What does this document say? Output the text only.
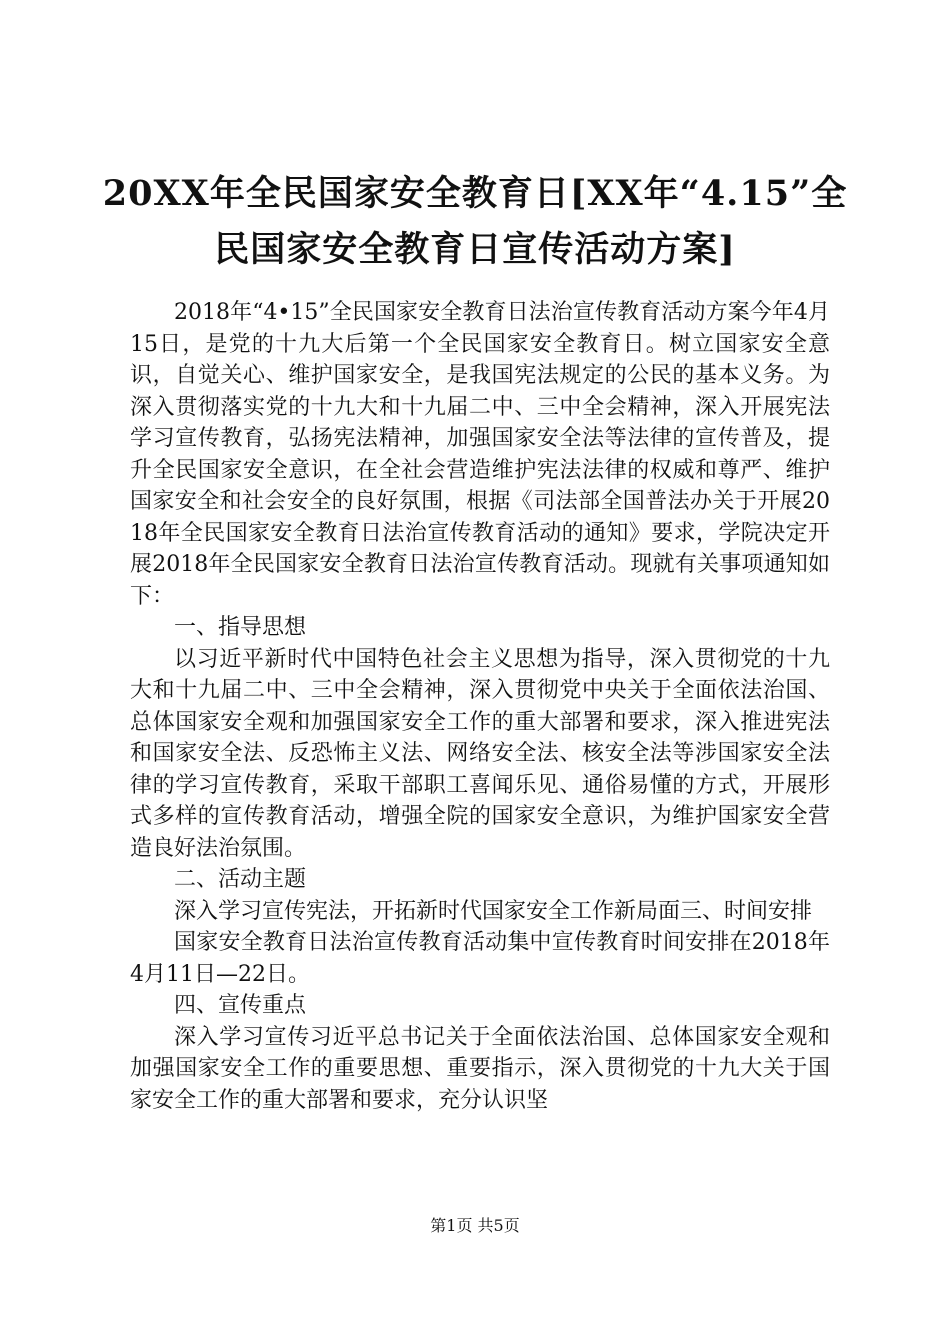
20XX年全民国家安全教育日[XX年“4.15”全民国家安全教育日宣传活动方案]

2018年“4•15”全民国家安全教育日法治宣传教育活动方案今年4月15日，是党的十九大后第一个全民国家安全教育日。树立国家安全意识，自觉关心、维护国家安全，是我国宪法规定的公民的基本义务。为深入贯彻落实党的十九大和十九届二中、三中全会精神，深入开展宪法学习宣传教育，弘扬宪法精神，加强国家安全法等法律的宣传普及，提升全民国家安全意识，在全社会营造维护宪法法律的权威和尊严、维护国家安全和社会安全的良好氛围，根据《司法部全国普法办关于开展2018年全民国家安全教育日法治宣传教育活动的通知》要求，学院决定开展2018年全民国家安全教育日法治宣传教育活动。现就有关事项通知如下：

一、指导思想

以习近平新时代中国特色社会主义思想为指导，深入贯彻党的十九大和十九届二中、三中全会精神，深入贯彻党中央关于全面依法治国、总体国家安全观和加强国家安全工作的重大部署和要求，深入推进宪法和国家安全法、反恐怖主义法、网络安全法、核安全法等涉国家安全法律的学习宣传教育，采取干部职工喜闻乐见、通俗易懂的方式，开展形式多样的宣传教育活动，增强全院的国家安全意识，为维护国家安全营造良好法治氛围。

二、活动主题

深入学习宣传宪法，开拓新时代国家安全工作新局面三、时间安排

国家安全教育日法治宣传教育活动集中宣传教育时间安排在2018年4月11日—22日。

四、宣传重点

深入学习宣传习近平总书记关于全面依法治国、总体国家安全观和加强国家安全工作的重要思想、重要指示，深入贯彻党的十九大关于国家安全工作的重大部署和要求，充分认识坚

第1页 共5页
